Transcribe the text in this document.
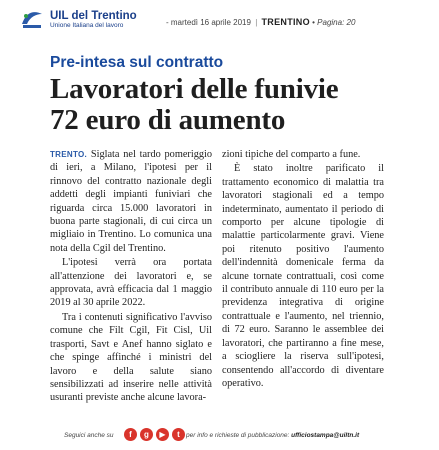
UIL del Trentino
Unione Italiana del lavoro	- martedì 16 aprile 2019 | TRENTINO • Pagina: 20
Pre-intesa sul contratto
Lavoratori delle funivie
72 euro di aumento

TRENTO. Siglata nel tardo pomeriggio di ieri, a Milano, l'ipotesi per il rinnovo del contratto nazionale degli addetti degli impianti funiviari che riguarda circa 15.000 lavoratori in buona parte stagionali, di cui circa un migliaio in Trentino. Lo comunica una nota della Cgil del Trentino.

L'ipotesi verrà ora portata all'attenzione dei lavoratori e, se approvata, avrà efficacia dal 1 maggio 2019 al 30 aprile 2022.

Tra i contenuti significativo l'avviso comune che Filt Cgil, Fit Cisl, Uil trasporti, Savt e Anef hanno siglato e che spinge affinché i ministri del lavoro e della salute siano sensibilizzati ad inserire nelle attività usuranti previste anche alcune lavora-

zioni tipiche del comparto a fune.

È stato inoltre parificato il trattamento economico di malattia tra lavoratori stagionali ed a tempo indeterminato, aumentato il periodo di comporto per alcune tipologie di malattie particolarmente gravi. Viene poi ritenuto positivo l'aumento dell'indennità domenicale ferma da alcune tornate contrattuali, così come il contributo annuale di 110 euro per la previdenza integrativa di origine contrattuale e l'aumento, nel triennio, di 72 euro. Saranno le assemblee dei lavoratori, che partiranno a fine mese, a sciogliere la riserva sull'ipotesi, consentendo all'accordo di diventare operativo.

Seguici anche su	f	g	▶	t per info e richieste di pubblicazione: ufficiostampa@uiltn.it
